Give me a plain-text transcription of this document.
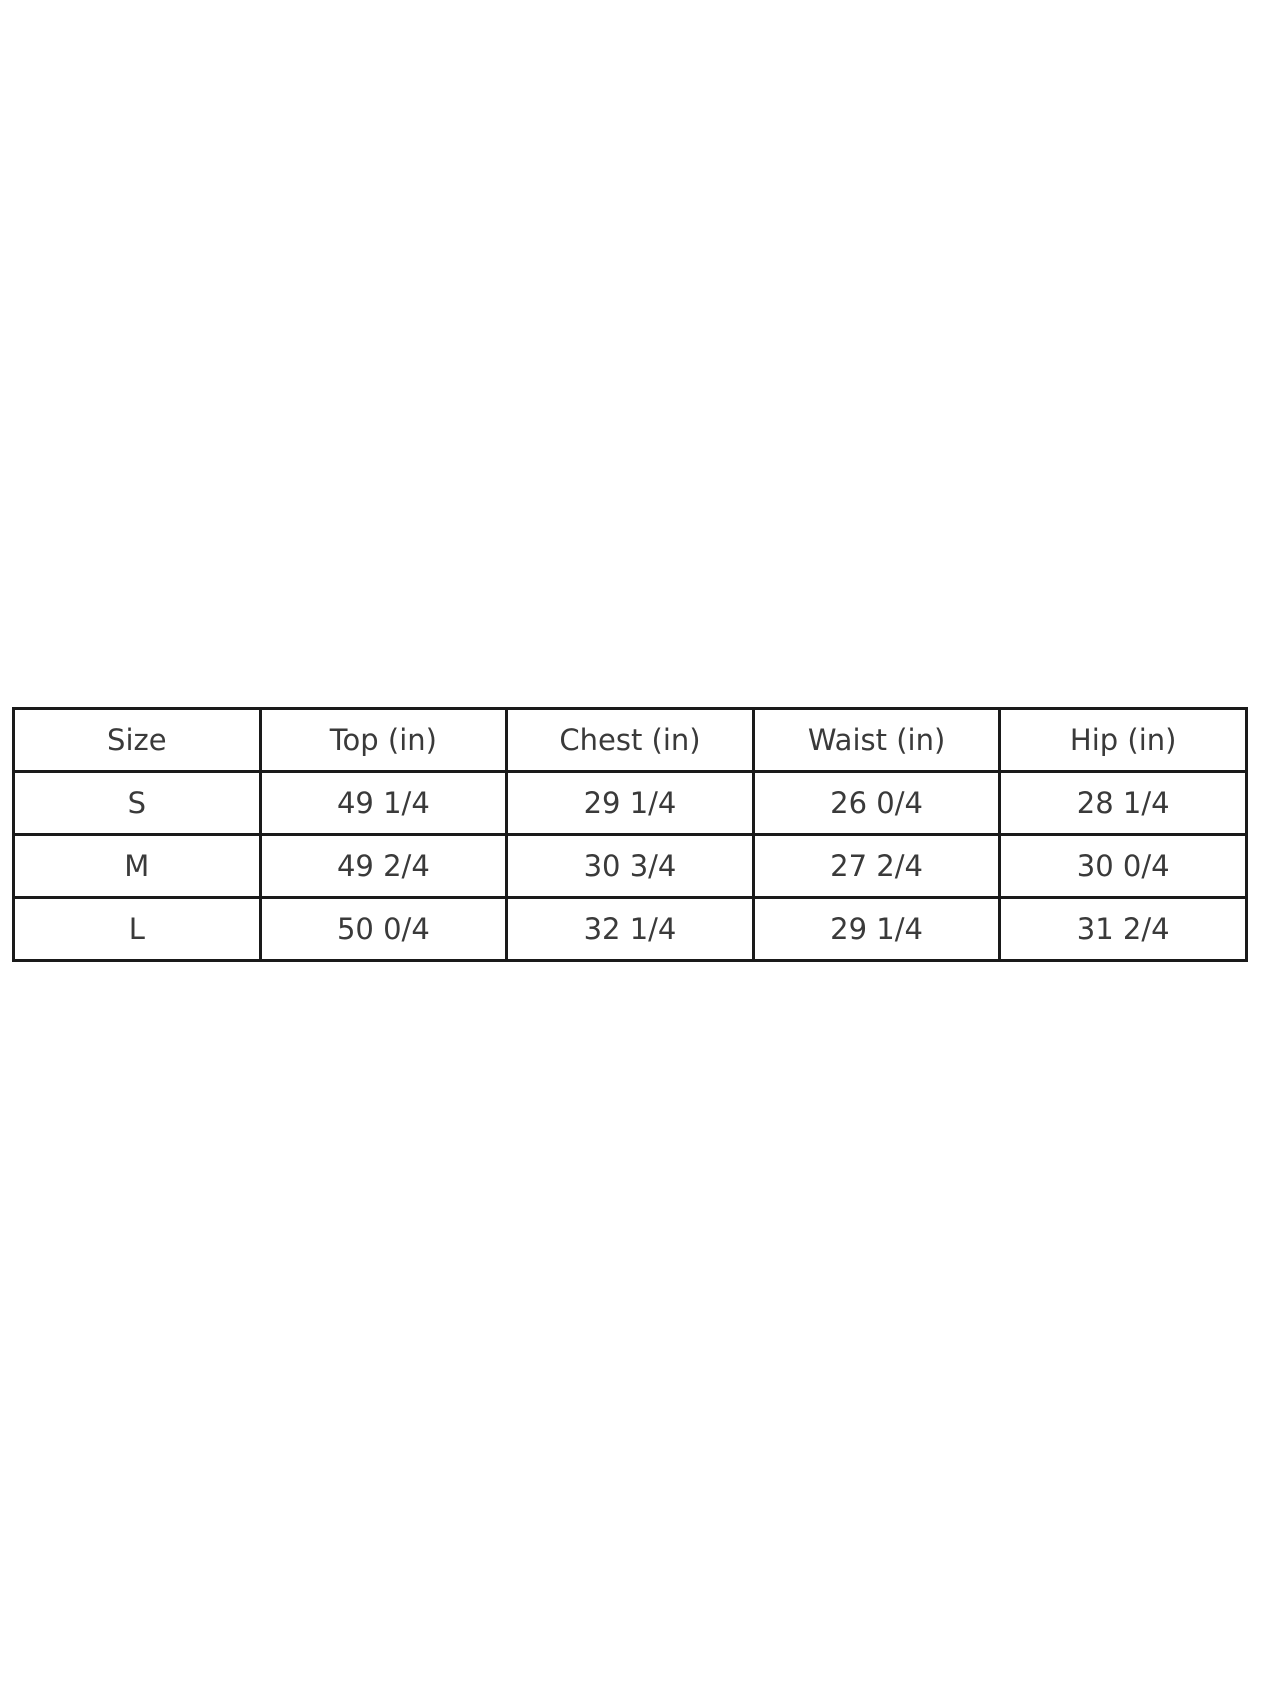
Size	Top (in)	Chest (in)	Waist (in)	Hip (in)
S	49 1/4	29 1/4	26 0/4	28 1/4
M	49 2/4	30 3/4	27 2/4	30 0/4
L	50 0/4	32 1/4	29 1/4	31 2/4
